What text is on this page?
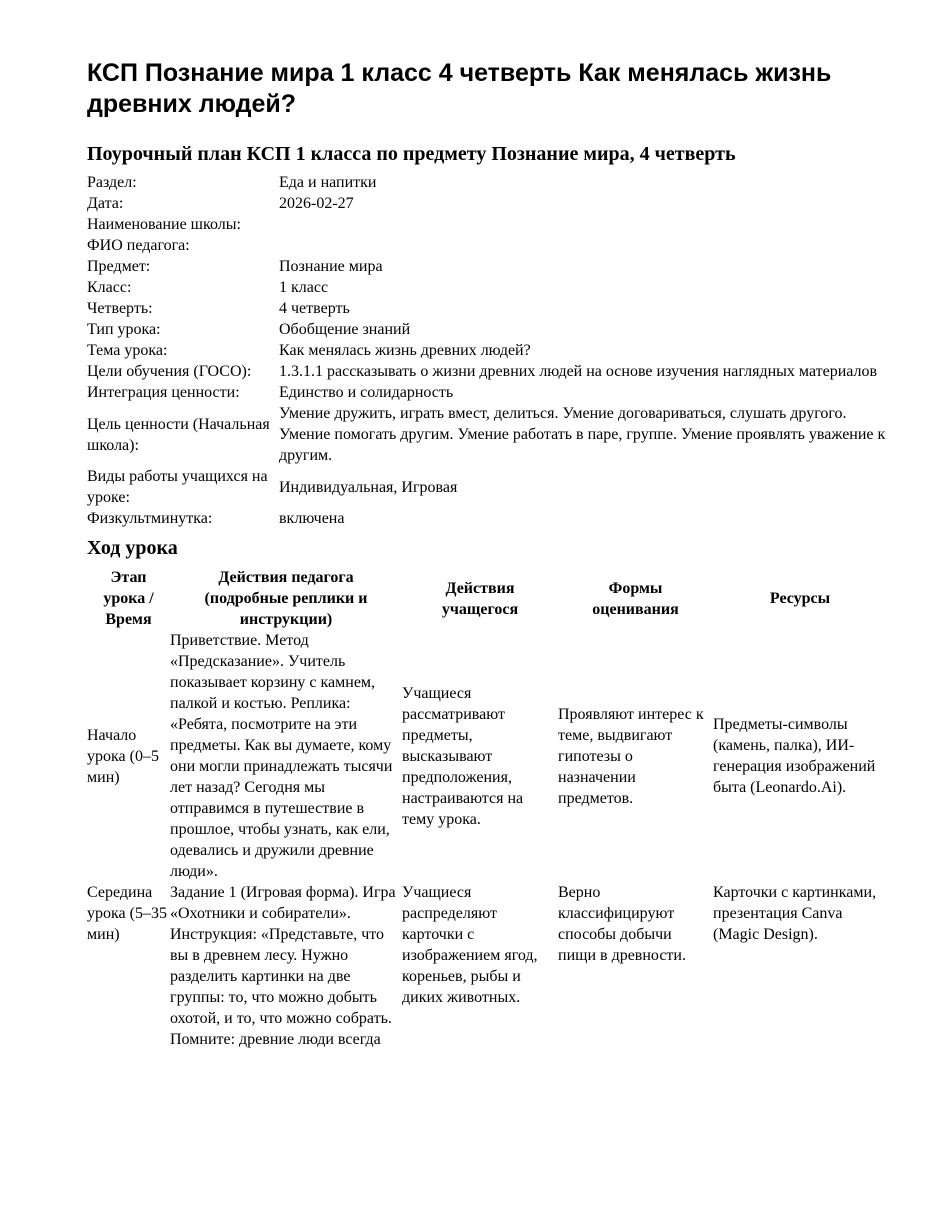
КСП Познание мира 1 класс 4 четверть Как менялась жизнь древних людей?
Поурочный план КСП 1 класса по предмету Познание мира, 4 четверть
Раздел:	Еда и напитки
Дата:	2026-02-27
Наименование школы:	
ФИО педагога:	
Предмет:	Познание мира
Класс:	1 класс
Четверть:	4 четверть
Тип урока:	Обобщение знаний
Тема урока:	Как менялась жизнь древних людей?
Цели обучения (ГОСО):	1.3.1.1 рассказывать о жизни древних людей на основе изучения наглядных материалов
Интеграция ценности:	Единство и солидарность
Цель ценности (Начальная школа):	Умение дружить, играть вмест, делиться. Умение договариваться, слушать другого. Умение помогать другим. Умение работать в паре, группе. Умение проявлять уважение к другим.
Виды работы учащихся на уроке:	Индивидуальная, Игровая
Физкультминутка:	включена
Ход урока
Этап урока / Время	Действия педагога (подробные реплики и инструкции)	Действия учащегося	Формы оценивания	Ресурсы
Начало урока (0–5 мин)	Приветствие. Метод «Предсказание». Учитель показывает корзину с камнем, палкой и костью. Реплика: «Ребята, посмотрите на эти предметы. Как вы думаете, кому они могли принадлежать тысячи лет назад? Сегодня мы отправимся в путешествие в прошлое, чтобы узнать, как ели, одевались и дружили древние люди».	Учащиеся рассматривают предметы, высказывают предположения, настраиваются на тему урока.	Проявляют интерес к теме, выдвигают гипотезы о назначении предметов.	Предметы-символы (камень, палка), ИИ-генерация изображений быта (Leonardo.Ai).
Середина урока (5–35 мин)	Задание 1 (Игровая форма). Игра «Охотники и собиратели». Инструкция: «Представьте, что вы в древнем лесу. Нужно разделить картинки на две группы: то, что можно добыть охотой, и то, что можно собрать. Помните: древние люди всегда	Учащиеся распределяют карточки с изображением ягод, кореньев, рыбы и диких животных.	Верно классифицируют способы добычи пищи в древности.	Карточки с картинками, презентация Canva (Magic Design).
